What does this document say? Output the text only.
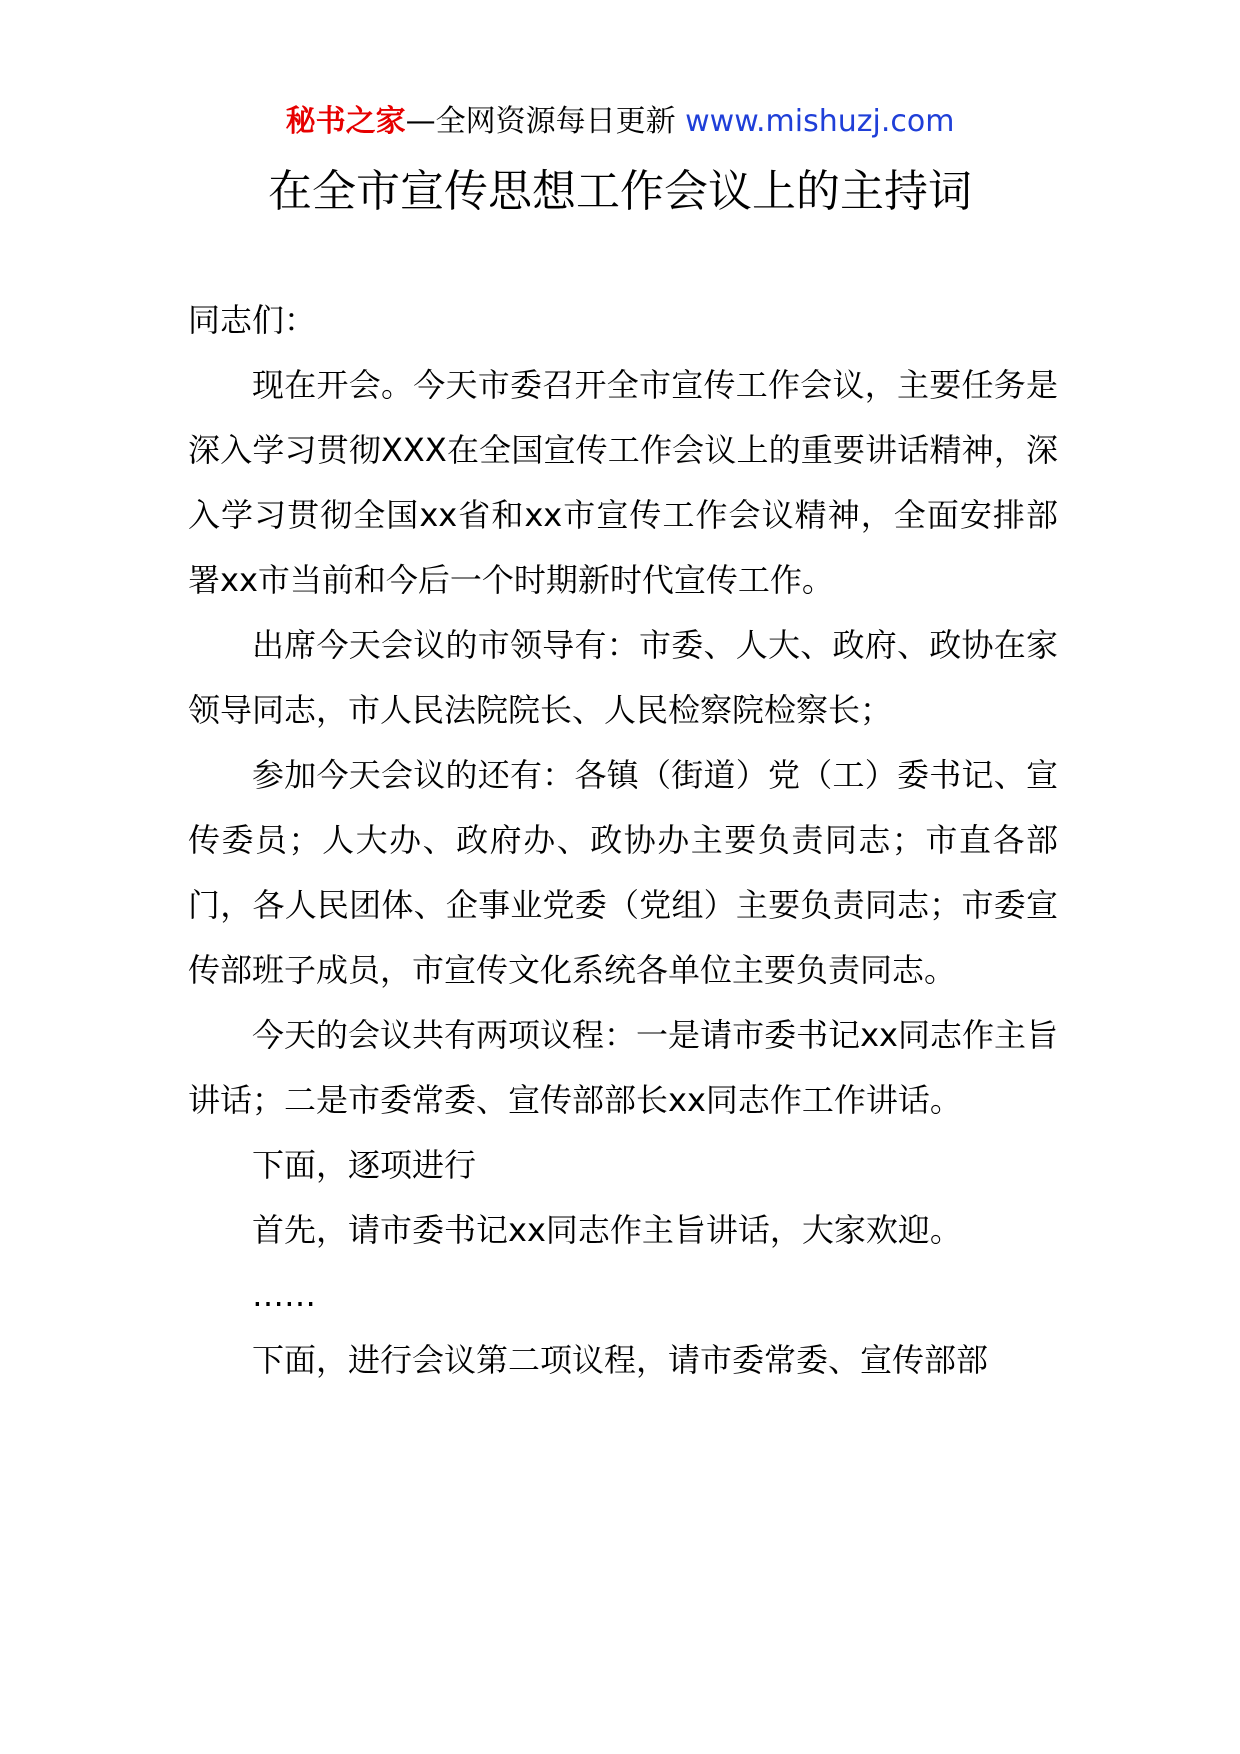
秘书之家—全网资源每日更新 www.mishuzj.com
在全市宣传思想工作会议上的主持词

同志们：

现在开会。今天市委召开全市宣传工作会议，主要任务是深入学习贯彻XXX在全国宣传工作会议上的重要讲话精神，深入学习贯彻全国xx省和xx市宣传工作会议精神，全面安排部署xx市当前和今后一个时期新时代宣传工作。

出席今天会议的市领导有：市委、人大、政府、政协在家领导同志，市人民法院院长、人民检察院检察长；

参加今天会议的还有：各镇（街道）党（工）委书记、宣传委员；人大办、政府办、政协办主要负责同志；市直各部门，各人民团体、企事业党委（党组）主要负责同志；市委宣传部班子成员，市宣传文化系统各单位主要负责同志。

今天的会议共有两项议程：一是请市委书记xx同志作主旨讲话；二是市委常委、宣传部部长xx同志作工作讲话。

下面，逐项进行

首先，请市委书记xx同志作主旨讲话，大家欢迎。

……

下面，进行会议第二项议程，请市委常委、宣传部部
